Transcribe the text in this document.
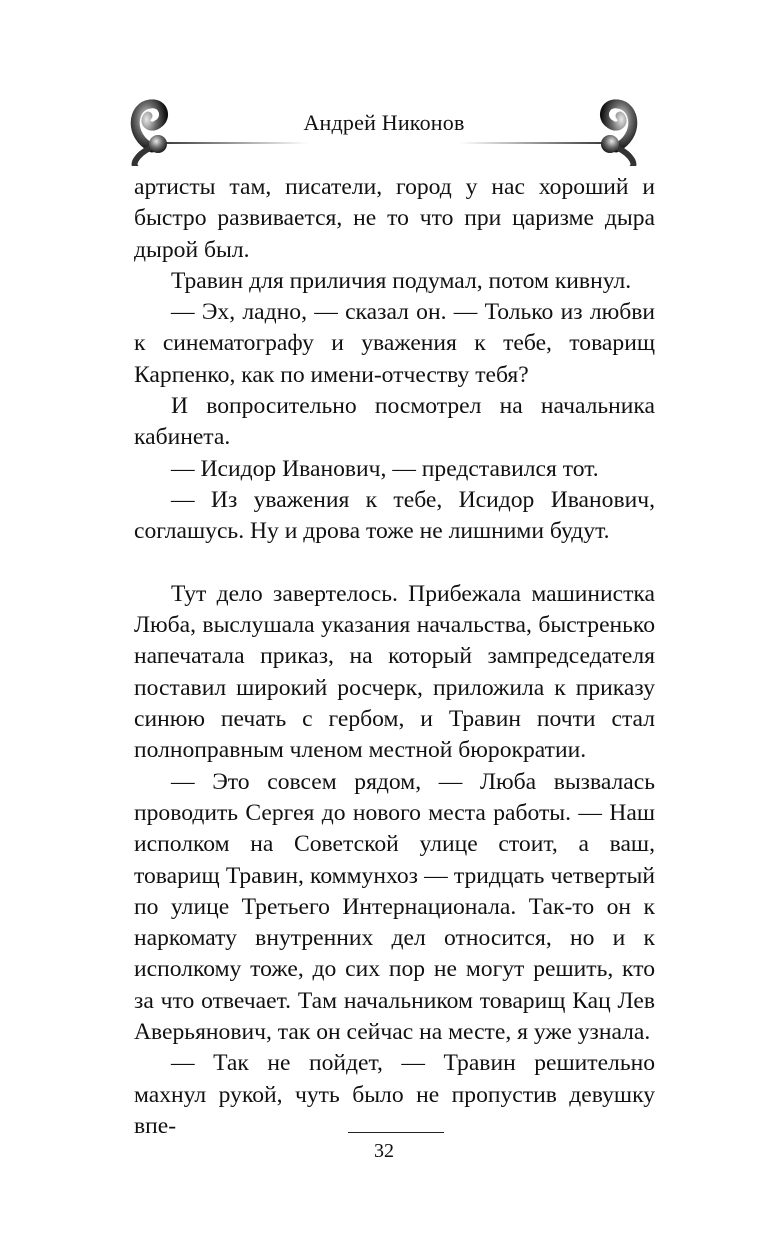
Андрей Никонов

артисты там, писатели, город у нас хороший и быстро развивается, не то что при царизме дыра дырой был.

Травин для приличия подумал, потом кивнул.

— Эх, ладно, — сказал он. — Только из любви к синематографу и уважения к тебе, товарищ Карпенко, как по имени-отчеству тебя?

И вопросительно посмотрел на начальника кабинета.

— Исидор Иванович, — представился тот.

— Из уважения к тебе, Исидор Иванович, соглашусь. Ну и дрова тоже не лишними будут.

Тут дело завертелось. Прибежала машинистка Люба, выслушала указания начальства, быстренько напечатала приказ, на который зампредседателя поставил широкий росчерк, приложила к приказу синюю печать с гербом, и Травин почти стал полноправным членом местной бюрократии.

— Это совсем рядом, — Люба вызвалась проводить Сергея до нового места работы. — Наш исполком на Советской улице стоит, а ваш, товарищ Травин, коммунхоз — тридцать четвертый по улице Третьего Интернационала. Так-то он к наркомату внутренних дел относится, но и к исполкому тоже, до сих пор не могут решить, кто за что отвечает. Там начальником товарищ Кац Лев Аверьянович, так он сейчас на месте, я уже узнала.

— Так не пойдет, — Травин решительно махнул рукой, чуть было не пропустив девушку впе-

32
